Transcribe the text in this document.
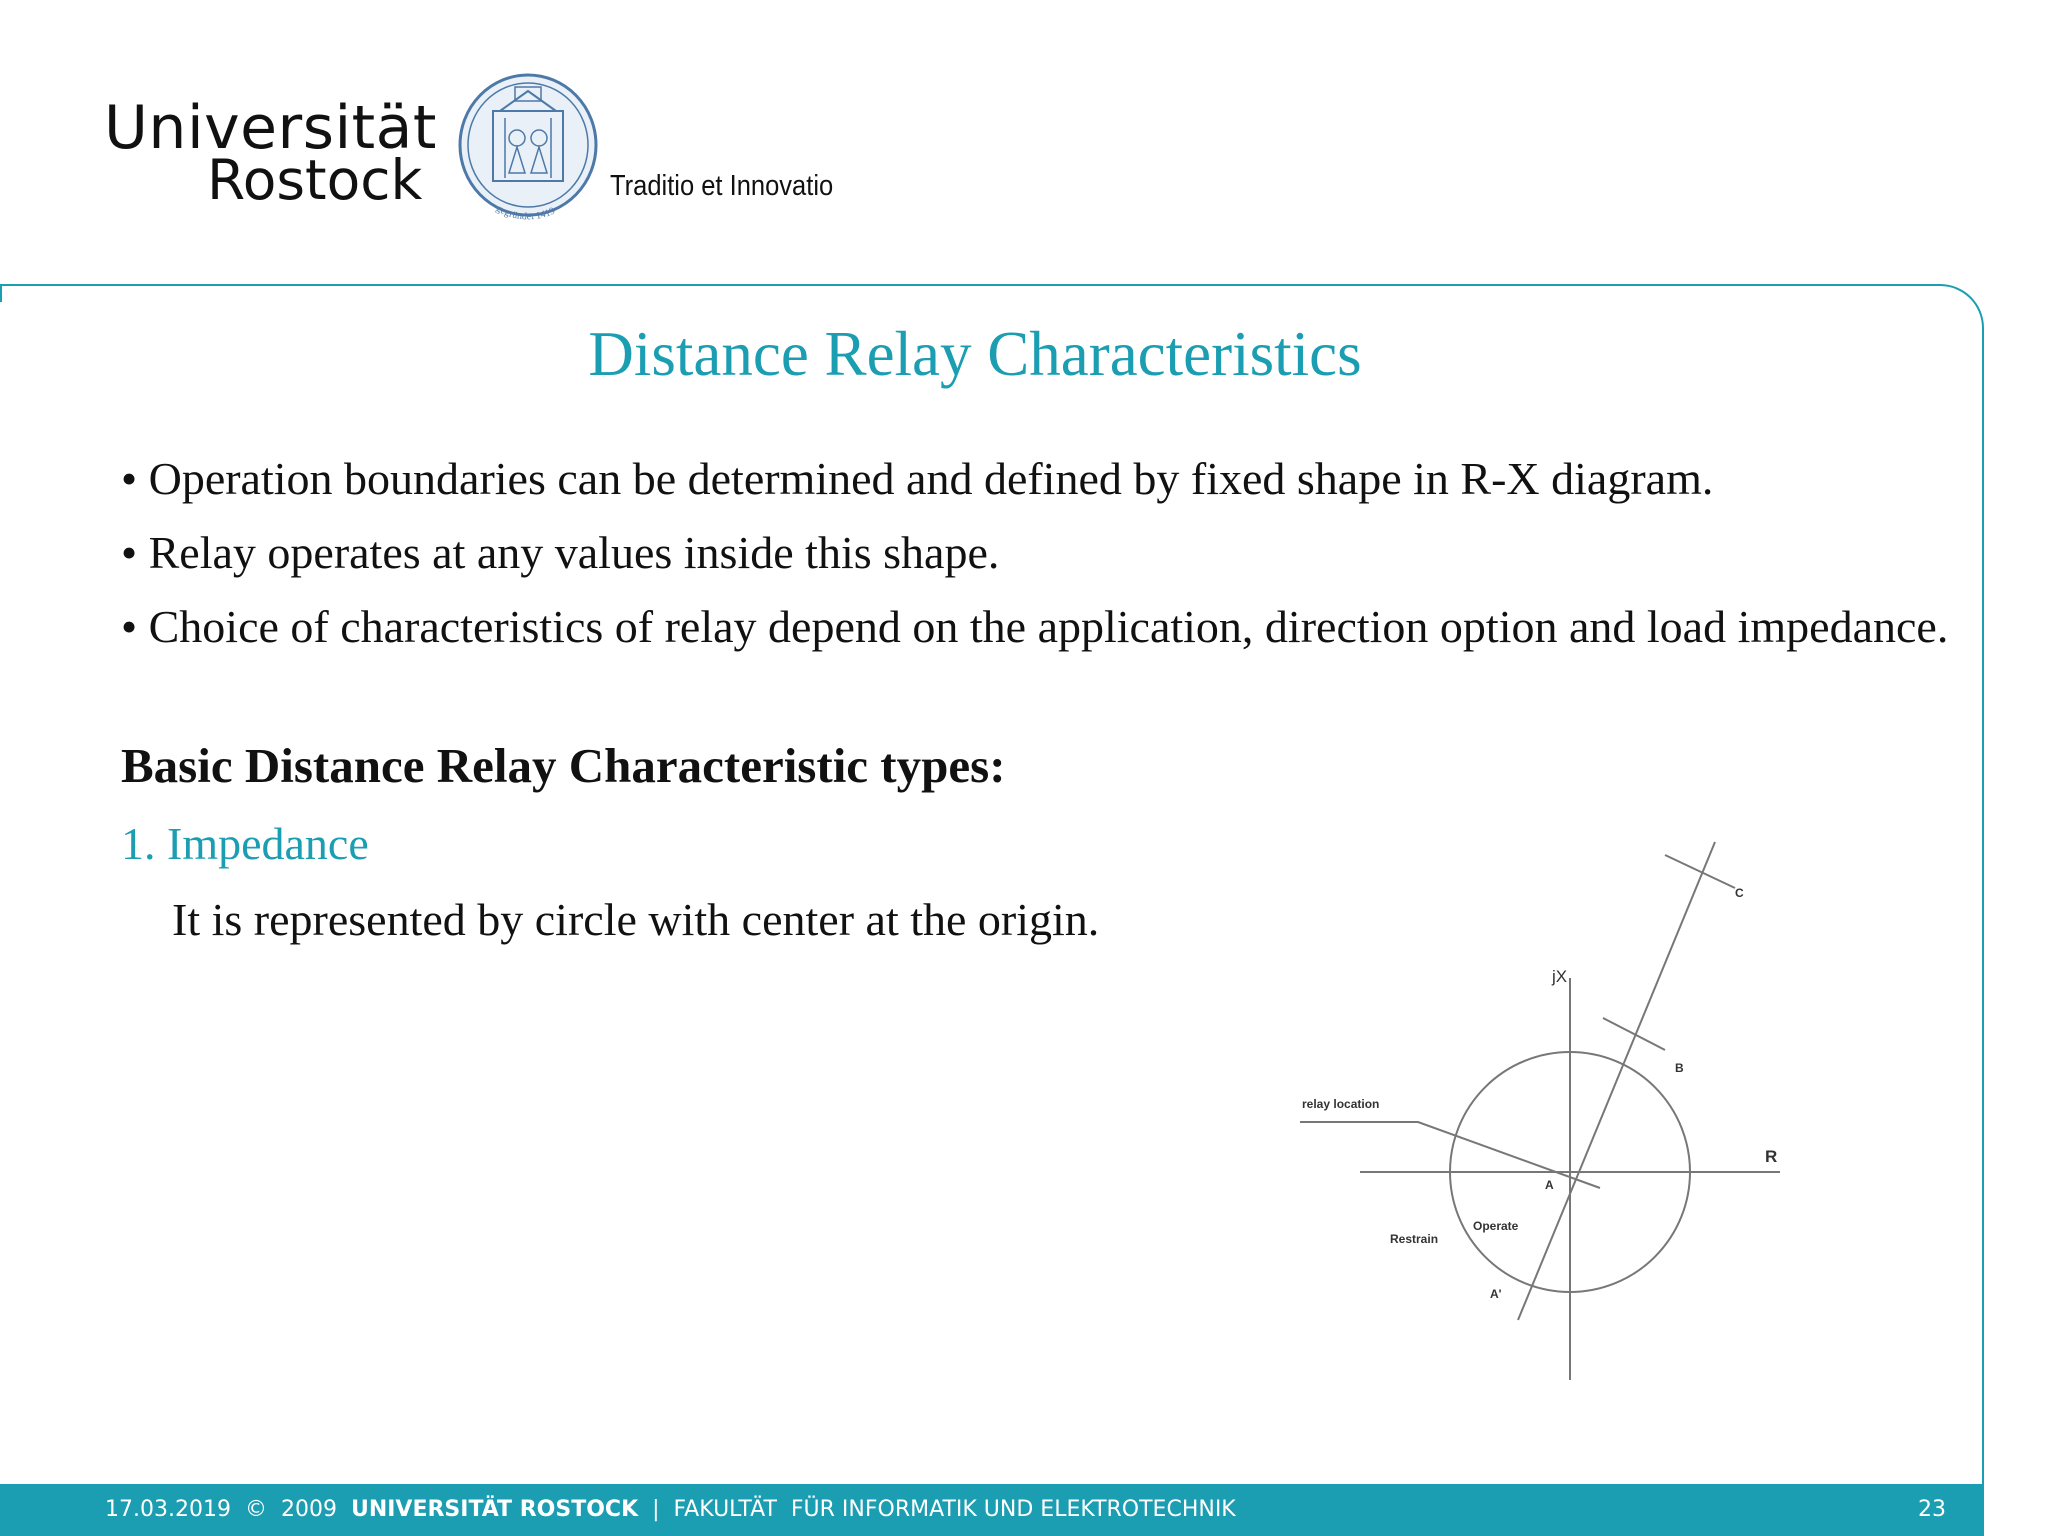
Universität
Rostock	gegründet 1419
Traditio et Innovatio
Distance Relay Characteristics
• Operation boundaries can be determined and defined by fixed shape in R-X diagram.
• Relay operates at any values inside this shape.
• Choice of characteristics of relay depend on the application, direction option and load impedance.
Basic Distance Relay Characteristic types:
1. Impedance
It is represented by circle with center at the origin.
jX
R
C
B
A
A'
relay location
Operate
Restrain
17.03.2019 ©  2009 UNIVERSITÄT ROSTOCK | FAKULTÄT  FÜR INFORMATIK UND ELEKTROTECHNIK	23
